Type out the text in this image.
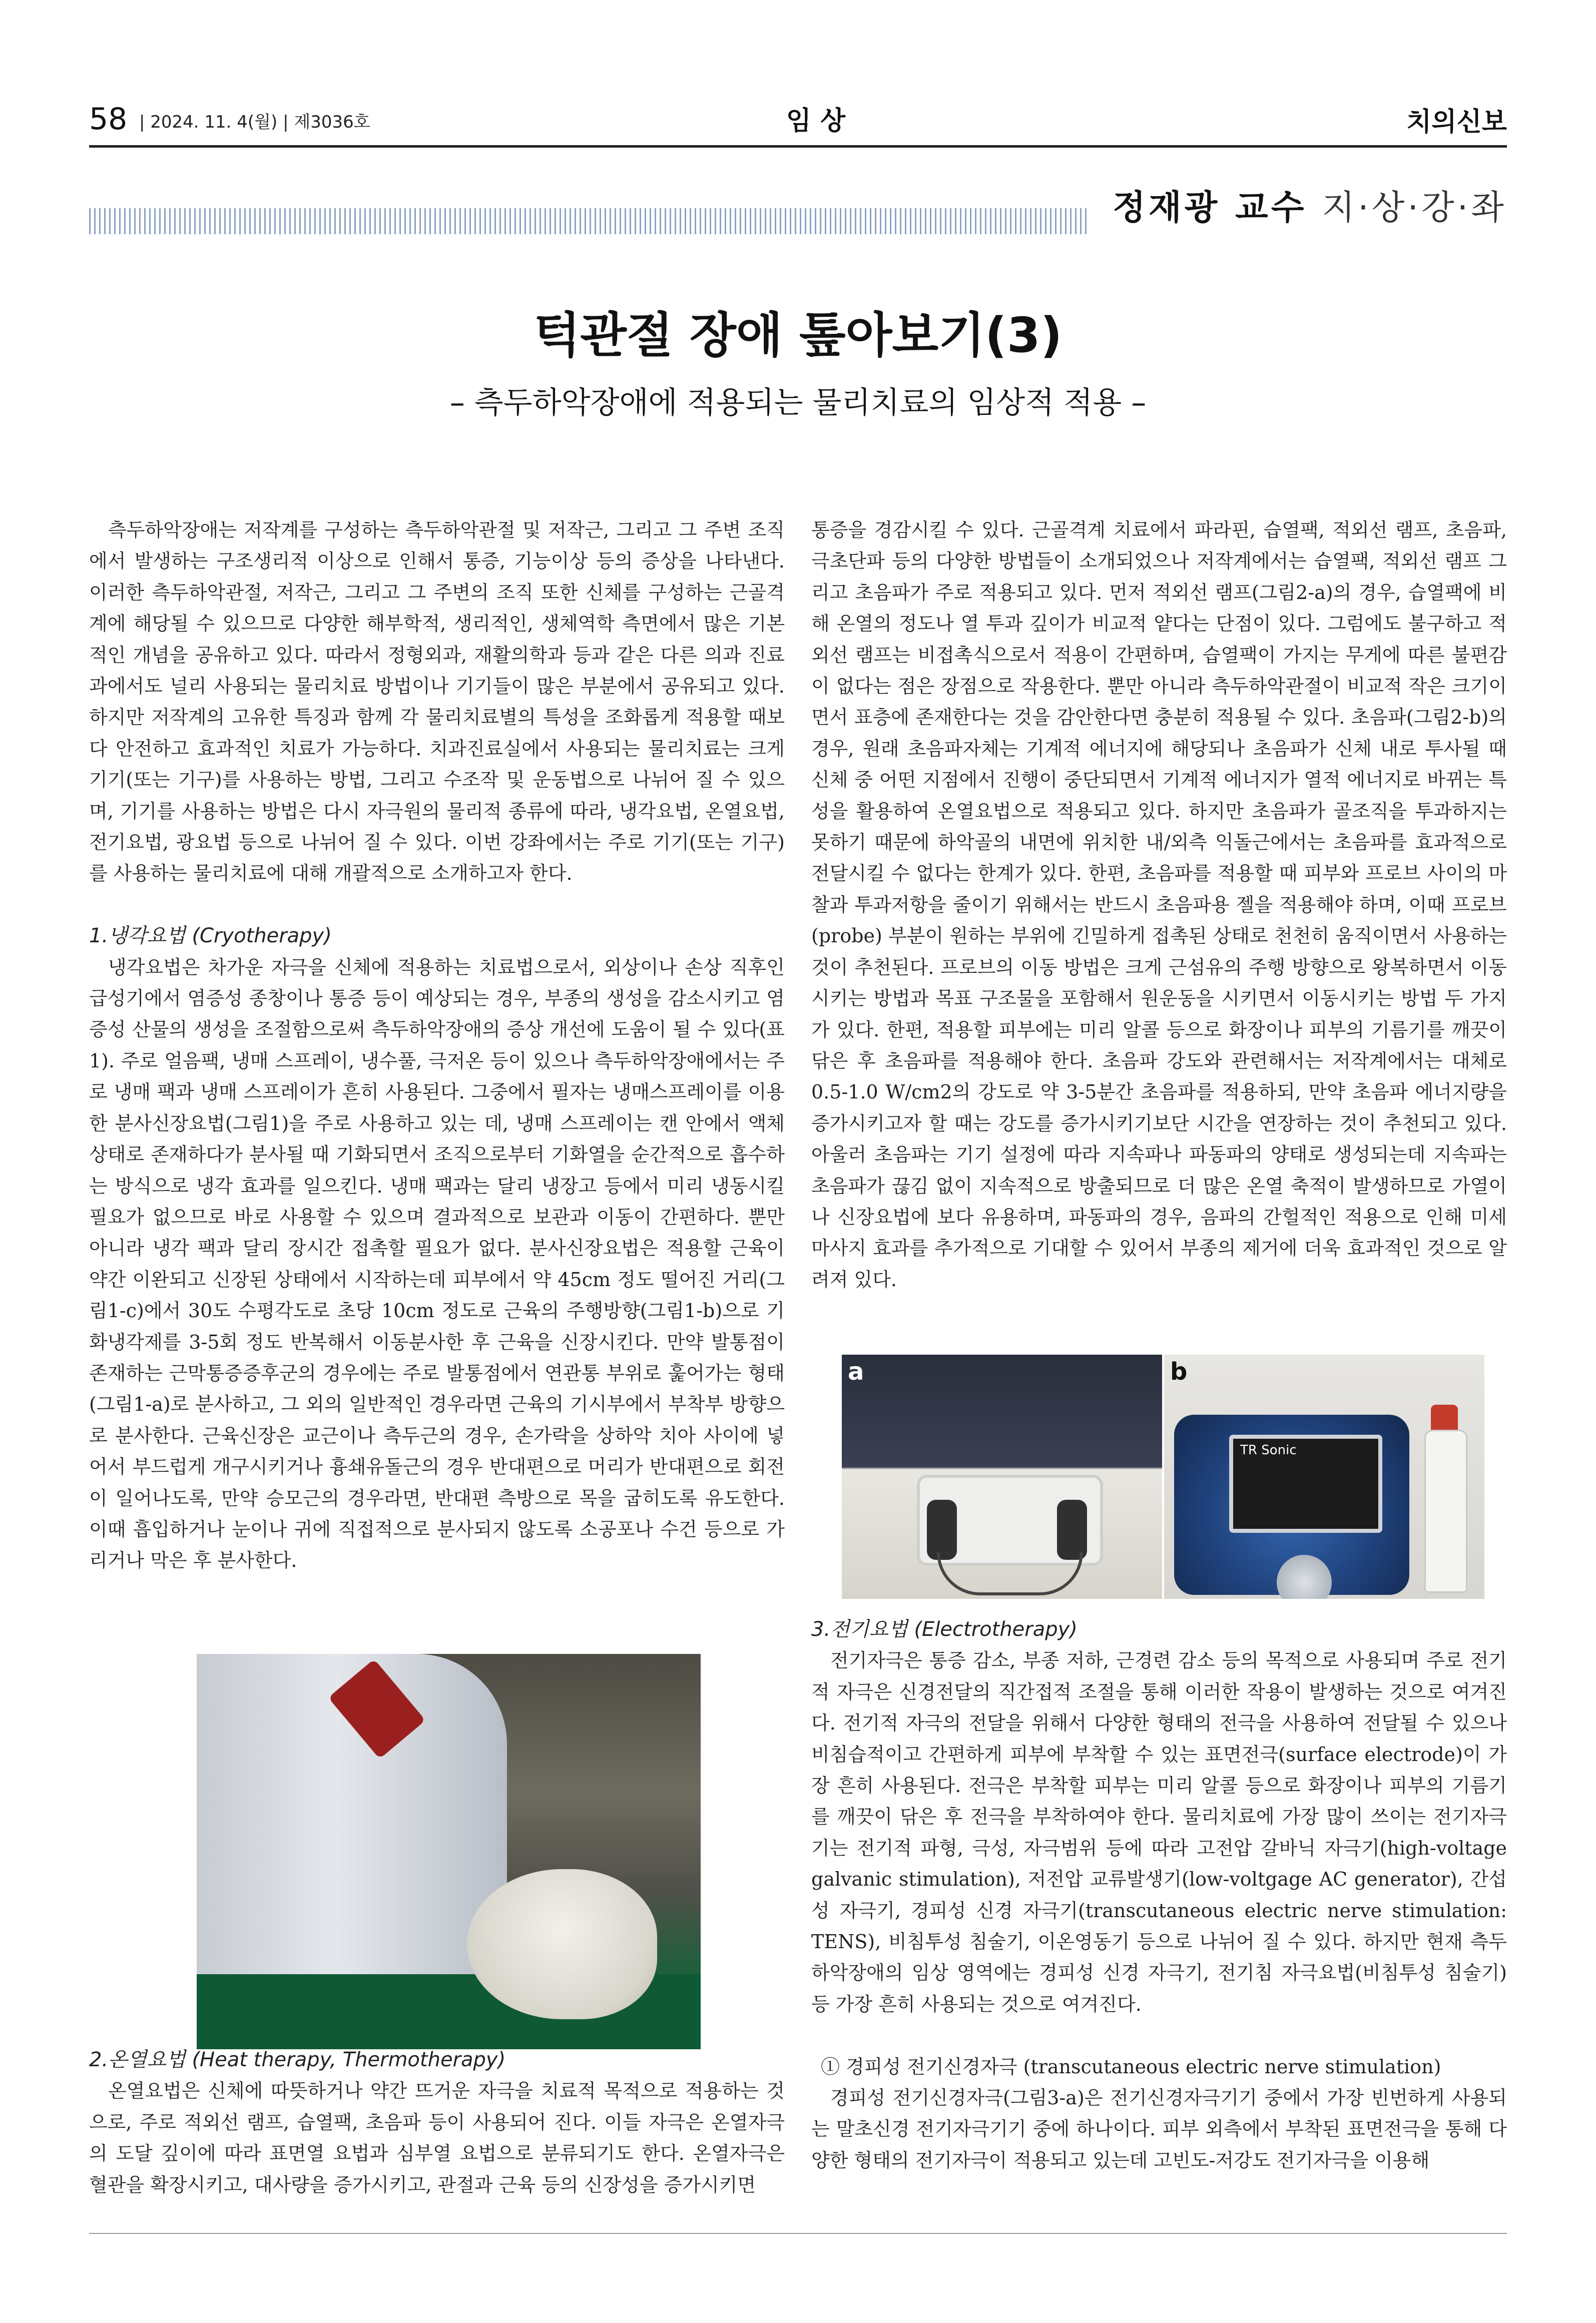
58 | 2024. 11. 4(월) | 제3036호	임 상	치의신보
정재광 교수 지·상·강·좌
턱관절 장애 톺아보기(3)
– 측두하악장애에 적용되는 물리치료의 임상적 적용 –

측두하악장애는 저작계를 구성하는 측두하악관절 및 저작근, 그리고 그 주변 조직에서 발생하는 구조생리적 이상으로 인해서 통증, 기능이상 등의 증상을 나타낸다. 이러한 측두하악관절, 저작근, 그리고 그 주변의 조직 또한 신체를 구성하는 근골격계에 해당될 수 있으므로 다양한 해부학적, 생리적인, 생체역학 측면에서 많은 기본적인 개념을 공유하고 있다. 따라서 정형외과, 재활의학과 등과 같은 다른 의과 진료과에서도 널리 사용되는 물리치료 방법이나 기기들이 많은 부분에서 공유되고 있다. 하지만 저작계의 고유한 특징과 함께 각 물리치료별의 특성을 조화롭게 적용할 때보다 안전하고 효과적인 치료가 가능하다. 치과진료실에서 사용되는 물리치료는 크게 기기(또는 기구)를 사용하는 방법, 그리고 수조작 및 운동법으로 나뉘어 질 수 있으며, 기기를 사용하는 방법은 다시 자극원의 물리적 종류에 따라, 냉각요법, 온열요법, 전기요법, 광요법 등으로 나뉘어 질 수 있다. 이번 강좌에서는 주로 기기(또는 기구)를 사용하는 물리치료에 대해 개괄적으로 소개하고자 한다.

1.냉각요법 (Cryotherapy)

냉각요법은 차가운 자극을 신체에 적용하는 치료법으로서, 외상이나 손상 직후인 급성기에서 염증성 종창이나 통증 등이 예상되는 경우, 부종의 생성을 감소시키고 염증성 산물의 생성을 조절함으로써 측두하악장애의 증상 개선에 도움이 될 수 있다(표 1). 주로 얼음팩, 냉매 스프레이, 냉수풀, 극저온 등이 있으나 측두하악장애에서는 주로 냉매 팩과 냉매 스프레이가 흔히 사용된다. 그중에서 필자는 냉매스프레이를 이용한 분사신장요법(그림1)을 주로 사용하고 있는 데, 냉매 스프레이는 캔 안에서 액체 상태로 존재하다가 분사될 때 기화되면서 조직으로부터 기화열을 순간적으로 흡수하는 방식으로 냉각 효과를 일으킨다. 냉매 팩과는 달리 냉장고 등에서 미리 냉동시킬 필요가 없으므로 바로 사용할 수 있으며 결과적으로 보관과 이동이 간편하다. 뿐만 아니라 냉각 팩과 달리 장시간 접촉할 필요가 없다. 분사신장요법은 적용할 근육이 약간 이완되고 신장된 상태에서 시작하는데 피부에서 약 45cm 정도 떨어진 거리(그림1-c)에서 30도 수평각도로 초당 10cm 정도로 근육의 주행방향(그림1-b)으로 기화냉각제를 3-5회 정도 반복해서 이동분사한 후 근육을 신장시킨다. 만약 발통점이 존재하는 근막통증증후군의 경우에는 주로 발통점에서 연관통 부위로 훑어가는 형태(그림1-a)로 분사하고, 그 외의 일반적인 경우라면 근육의 기시부에서 부착부 방향으로 분사한다. 근육신장은 교근이나 측두근의 경우, 손가락을 상하악 치아 사이에 넣어서 부드럽게 개구시키거나 흉쇄유돌근의 경우 반대편으로 머리가 반대편으로 회전이 일어나도록, 만약 승모근의 경우라면, 반대편 측방으로 목을 굽히도록 유도한다. 이때 흡입하거나 눈이나 귀에 직접적으로 분사되지 않도록 소공포나 수건 등으로 가리거나 막은 후 분사한다.

2.온열요법 (Heat therapy, Thermotherapy)

온열요법은 신체에 따뜻하거나 약간 뜨거운 자극을 치료적 목적으로 적용하는 것으로, 주로 적외선 램프, 습열팩, 초음파 등이 사용되어 진다. 이들 자극은 온열자극의 도달 깊이에 따라 표면열 요법과 심부열 요법으로 분류되기도 한다. 온열자극은 혈관을 확장시키고, 대사량을 증가시키고, 관절과 근육 등의 신장성을 증가시키면

통증을 경감시킬 수 있다. 근골격계 치료에서 파라핀, 습열팩, 적외선 램프, 초음파, 극초단파 등의 다양한 방법들이 소개되었으나 저작계에서는 습열팩, 적외선 램프 그리고 초음파가 주로 적용되고 있다. 먼저 적외선 램프(그림2-a)의 경우, 습열팩에 비해 온열의 정도나 열 투과 깊이가 비교적 얕다는 단점이 있다. 그럼에도 불구하고 적외선 램프는 비접촉식으로서 적용이 간편하며, 습열팩이 가지는 무게에 따른 불편감이 없다는 점은 장점으로 작용한다. 뿐만 아니라 측두하악관절이 비교적 작은 크기이면서 표층에 존재한다는 것을 감안한다면 충분히 적용될 수 있다. 초음파(그림2-b)의 경우, 원래 초음파자체는 기계적 에너지에 해당되나 초음파가 신체 내로 투사될 때 신체 중 어떤 지점에서 진행이 중단되면서 기계적 에너지가 열적 에너지로 바뀌는 특성을 활용하여 온열요법으로 적용되고 있다. 하지만 초음파가 골조직을 투과하지는 못하기 때문에 하악골의 내면에 위치한 내/외측 익돌근에서는 초음파를 효과적으로 전달시킬 수 없다는 한계가 있다. 한편, 초음파를 적용할 때 피부와 프로브 사이의 마찰과 투과저항을 줄이기 위해서는 반드시 초음파용 젤을 적용해야 하며, 이때 프로브 (probe) 부분이 원하는 부위에 긴밀하게 접촉된 상태로 천천히 움직이면서 사용하는 것이 추천된다. 프로브의 이동 방법은 크게 근섬유의 주행 방향으로 왕복하면서 이동시키는 방법과 목표 구조물을 포함해서 원운동을 시키면서 이동시키는 방법 두 가지가 있다. 한편, 적용할 피부에는 미리 알콜 등으로 화장이나 피부의 기름기를 깨끗이 닦은 후 초음파를 적용해야 한다. 초음파 강도와 관련해서는 저작계에서는 대체로 0.5-1.0 W/cm2의 강도로 약 3-5분간 초음파를 적용하되, 만약 초음파 에너지량을 증가시키고자 할 때는 강도를 증가시키기보단 시간을 연장하는 것이 추천되고 있다. 아울러 초음파는 기기 설정에 따라 지속파나 파동파의 양태로 생성되는데 지속파는 초음파가 끊김 없이 지속적으로 방출되므로 더 많은 온열 축적이 발생하므로 가열이나 신장요법에 보다 유용하며, 파동파의 경우, 음파의 간헐적인 적용으로 인해 미세마사지 효과를 추가적으로 기대할 수 있어서 부종의 제거에 더욱 효과적인 것으로 알려져 있다.

a
TR Sonic
b

3.전기요법 (Electrotherapy)

전기자극은 통증 감소, 부종 저하, 근경련 감소 등의 목적으로 사용되며 주로 전기적 자극은 신경전달의 직간접적 조절을 통해 이러한 작용이 발생하는 것으로 여겨진다. 전기적 자극의 전달을 위해서 다양한 형태의 전극을 사용하여 전달될 수 있으나 비침습적이고 간편하게 피부에 부착할 수 있는 표면전극(surface electrode)이 가장 흔히 사용된다. 전극은 부착할 피부는 미리 알콜 등으로 화장이나 피부의 기름기를 깨끗이 닦은 후 전극을 부착하여야 한다. 물리치료에 가장 많이 쓰이는 전기자극기는 전기적 파형, 극성, 자극범위 등에 따라 고전압 갈바닉 자극기(high-voltage galvanic stimulation), 저전압 교류발생기(low-voltgage AC generator), 간섭성 자극기, 경피성 신경 자극기(transcutaneous electric nerve stimulation: TENS), 비침투성 침술기, 이온영동기 등으로 나뉘어 질 수 있다. 하지만 현재 측두하악장애의 임상 영역에는 경피성 신경 자극기, 전기침 자극요법(비침투성 침술기) 등 가장 흔히 사용되는 것으로 여겨진다.

① 경피성 전기신경자극 (transcutaneous electric nerve stimulation)

경피성 전기신경자극(그림3-a)은 전기신경자극기기 중에서 가장 빈번하게 사용되는 말초신경 전기자극기기 중에 하나이다. 피부 외측에서 부착된 표면전극을 통해 다양한 형태의 전기자극이 적용되고 있는데 고빈도-저강도 전기자극을 이용해
